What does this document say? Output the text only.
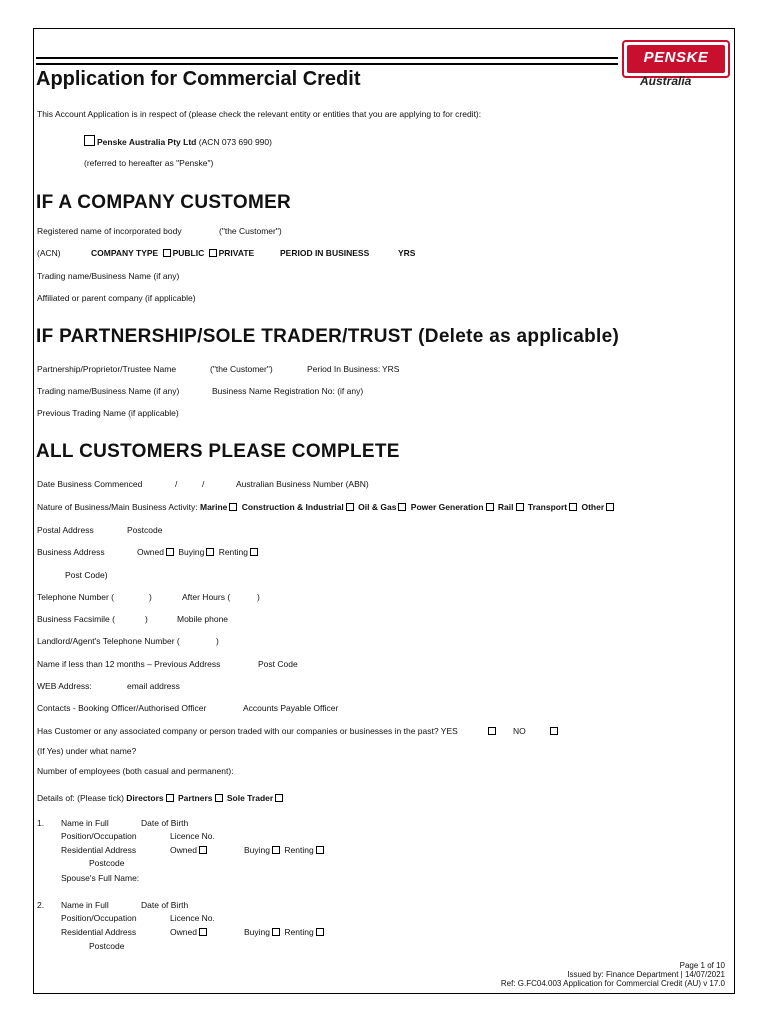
PENSKE
Australia
Application for Commercial Credit
This Account Application is in respect of (please check the relevant entity or entities that you are applying to for credit):
Penske Australia Pty Ltd (ACN 073 690 990)
(referred to hereafter as "Penske")
IF A COMPANY CUSTOMER
Registered name of incorporated body	("the Customer")
(ACN)	COMPANY TYPE PUBLIC PRIVATE	PERIOD IN BUSINESS	YRS
Trading name/Business Name (if any)
Affiliated or parent company (if applicable)
IF PARTNERSHIP/SOLE TRADER/TRUST (Delete as applicable)
Partnership/Proprietor/Trustee Name	("the Customer")	Period In Business: YRS
Trading name/Business Name (if any)	Business Name Registration No: (if any)
Previous Trading Name (if applicable)
ALL CUSTOMERS PLEASE COMPLETE
Date Business Commenced	/	/	Australian Business Number (ABN)
Nature of Business/Main Business Activity: Marine Construction & Industrial Oil & Gas Power Generation Rail Transport Other
Postal Address	Postcode
Business Address	Owned Buying Renting
Post Code)
Telephone Number (	)	After Hours (	)
Business Facsimile (	)	Mobile phone
Landlord/Agent's Telephone Number (	)
Name if less than 12 months – Previous Address	Post Code
WEB Address:	email address
Contacts - Booking Officer/Authorised Officer	Accounts Payable Officer
Has Customer or any associated company or person traded with our companies or businesses in the past? YES	NO
(If Yes) under what name?
Number of employees (both casual and permanent):
Details of: (Please tick) Directors Partners Sole Trader
1. Name in Full	Date of Birth
Position/Occupation	Licence No.
Residential Address	Owned	Buying Renting
Postcode
Spouse's Full Name:
2. Name in Full	Date of Birth
Position/Occupation	Licence No.
Residential Address	Owned	Buying Renting
Postcode
Page 1 of 10
Issued by: Finance Department | 14/07/2021
Ref: G.FC04.003 Application for Commercial Credit (AU) v 17.0
